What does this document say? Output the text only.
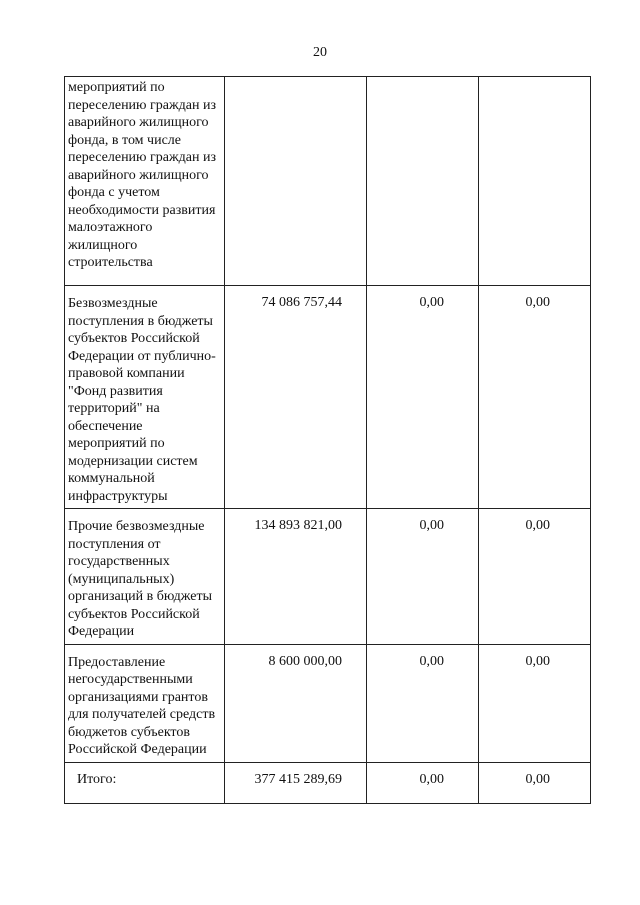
20
мероприятий по переселению граждан из аварийного жилищного фонда, в том числе переселению граждан из аварийного жилищного фонда с учетом необходимости развития малоэтажного жилищного строительства			
Безвозмездные поступления в бюджеты субъектов Российской Федерации от публично-правовой компании "Фонд развития территорий" на обеспечение мероприятий по модернизации систем коммунальной инфраструктуры	74 086 757,44	0,00	0,00
Прочие безвозмездные поступления от государственных (муниципальных) организаций в бюджеты субъектов Российской Федерации	134 893 821,00	0,00	0,00
Предоставление негосударственными организациями грантов для получателей средств бюджетов субъектов Российской Федерации	8 600 000,00	0,00	0,00
Итого:	377 415 289,69	0,00	0,00
